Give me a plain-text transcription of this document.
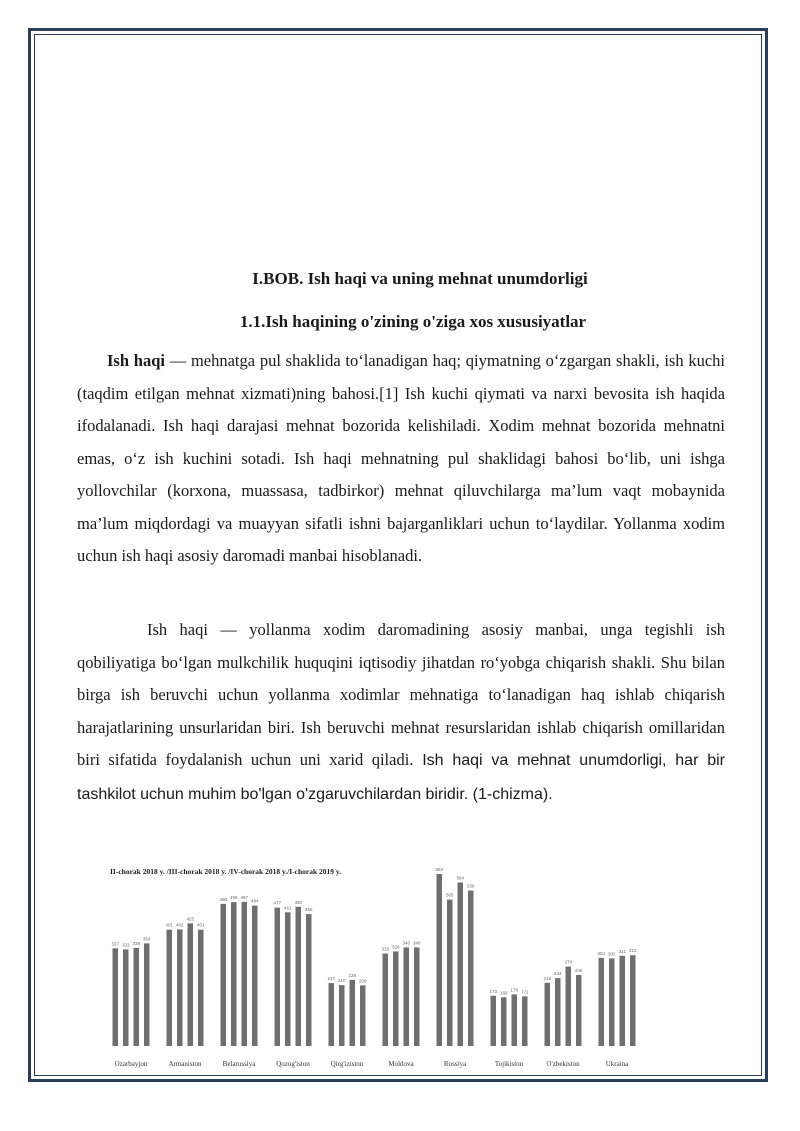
I.BOB. Ish haqi va uning mehnat unumdorligi
1.1.Ish haqining o'zining o'ziga xos xususiyatlar
Ish haqi — mehnatga pul shaklida to‘lanadigan haq; qiymatning o‘zgargan shakli, ish kuchi (taqdim etilgan mehnat xizmati)ning bahosi.[1] Ish kuchi qiymati va narxi bevosita ish haqida ifodalanadi. Ish haqi darajasi mehnat bozorida kelishiladi. Xodim mehnat bozorida mehnatni emas, o‘z ish kuchini sotadi. Ish haqi mehnatning pul shaklidagi bahosi bo‘lib, uni ishga yollovchilar (korxona, muassasa, tadbirkor) mehnat qiluvchilarga ma’lum vaqt mobaynida ma’lum miqdordagi va muayyan sifatli ishni bajarganliklari uchun to‘laydilar. Yollanma xodim uchun ish haqi asosiy daromadi manbai hisoblanadi.
Ish haqi — yollanma xodim daromadining asosiy manbai, unga tegishli ish qobiliyatiga bo‘lgan mulkchilik huquqini iqtisodiy jihatdan ro‘yobga chiqarish shakli. Shu bilan birga ish beruvchi uchun yollanma xodimlar mehnatiga to‘lanadigan haq ishlab chiqarish harajatlarining unsurlaridan biri. Ish beruvchi mehnat resurslaridan ishlab chiqarish omillaridan biri sifatida foydalanish uchun uni xarid qiladi. Ish haqi va mehnat unumdorligi, har bir tashkilot uchun muhim bo'lgan o'zgaruvchilardan biridir. (1-chizma).
II-chorak 2018 y. /III-chorak 2018 y. /IV-chorak 2018 y./I-chorak 2019 y.
337 333 338
354
Ozarbayjon
401 402
423
401
Armaniston
490 496 497
484
Belarussiya
477
461
480
455
Qozog'iston
217 210
228
209
Qirg'iziston
319 326
340 340
Moldova
593
505
564
536
Rossiya
173 168
178 171
Tojikiston
218
234
274
245
O'zbekiston
304 302
311 313
Ukraina
